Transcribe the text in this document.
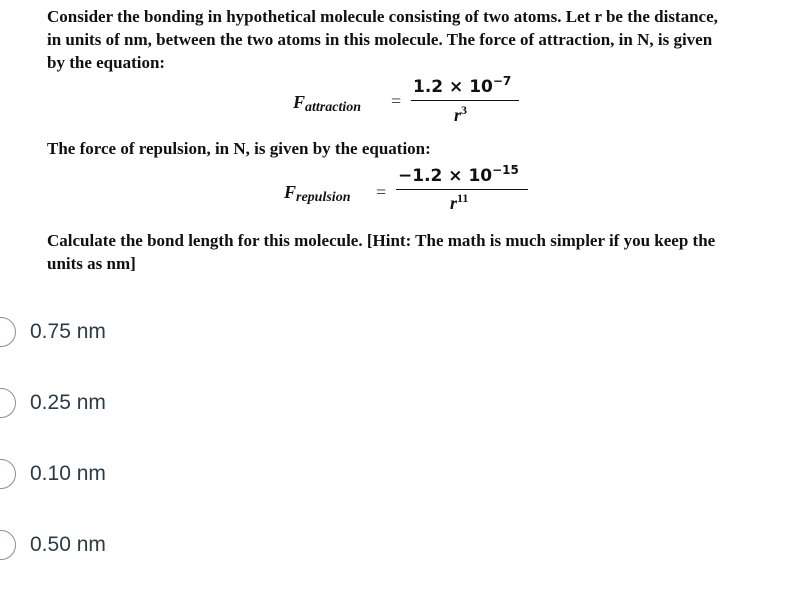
Consider the bonding in hypothetical molecule consisting of two atoms. Let r be the distance, in units of nm, between the two atoms in this molecule. The force of attraction, in N, is given by the equation:
$F_{attraction}$ =
$1.2 \times 10^{-7}$
$r^3$
The force of repulsion, in N, is given by the equation:
$F_{repulsion}$ =
$-1.2 \times 10^{-15}$
$r^{11}$
Calculate the bond length for this molecule. [Hint: The math is much simpler if you keep the units as nm]
0.75 nm
0.25 nm
0.10 nm
0.50 nm
